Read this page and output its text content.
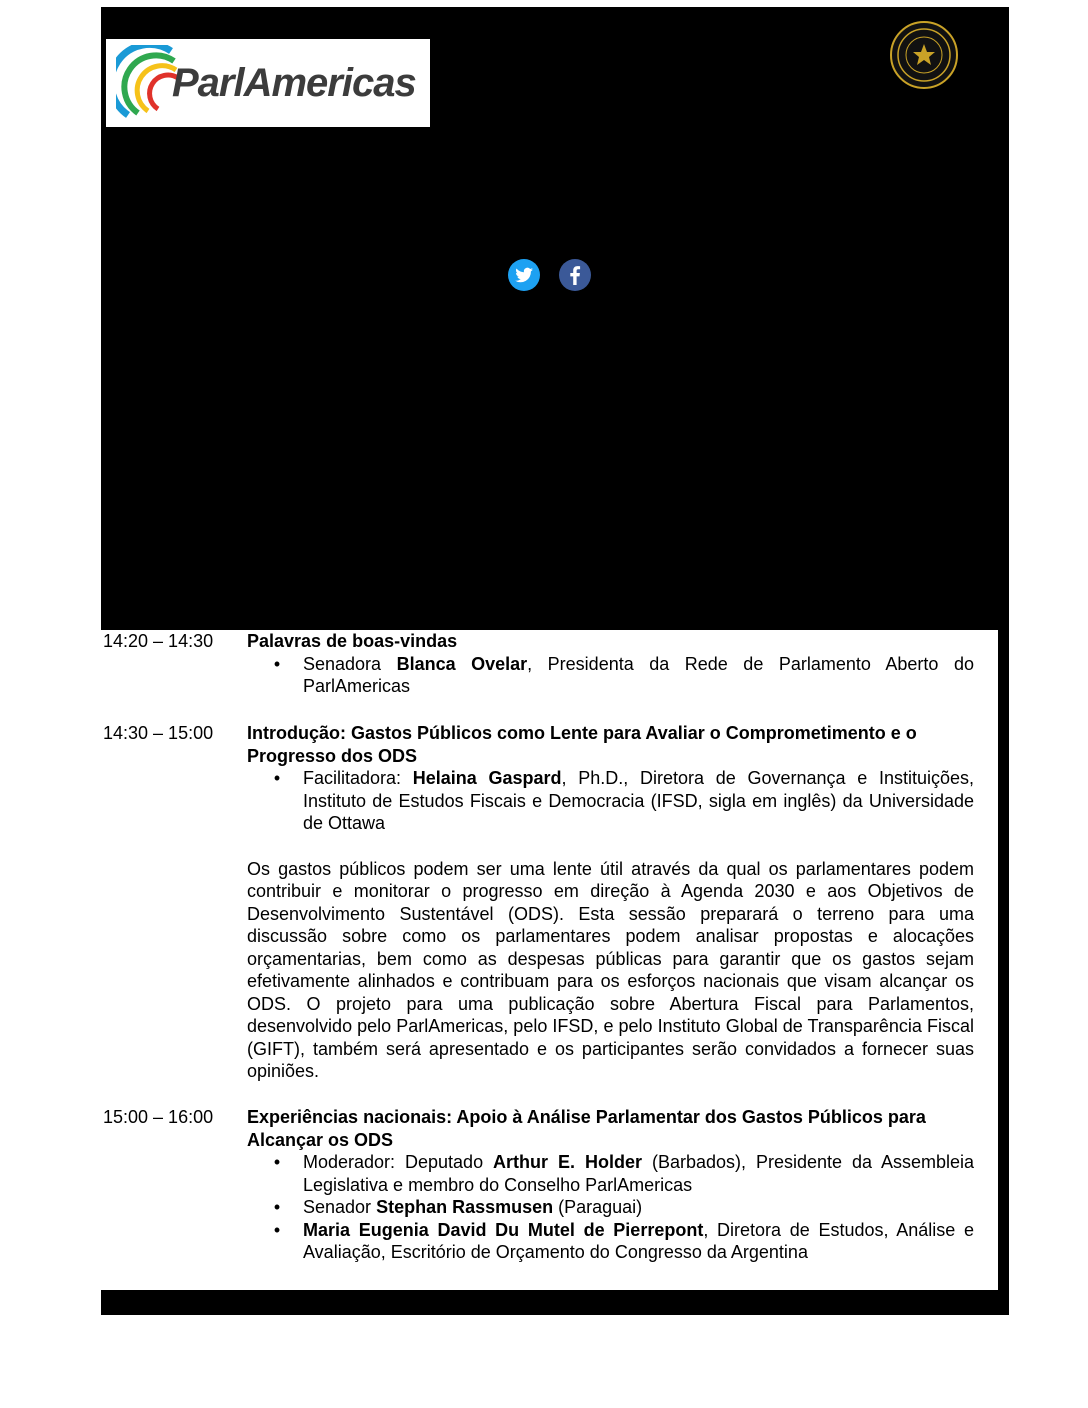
ParlAmericas
14:20 – 14:30	Palavras de boas-vindas
• Senadora Blanca Ovelar, Presidenta da Rede de Parlamento Aberto do ParlAmericas
14:30 – 15:00	Introdução: Gastos Públicos como Lente para Avaliar o Comprometimento e o Progresso dos ODS
• Facilitadora: Helaina Gaspard, Ph.D., Diretora de Governança e Instituições, Instituto de Estudos Fiscais e Democracia (IFSD, sigla em inglês) da Universidade de Ottawa

Os gastos públicos podem ser uma lente útil através da qual os parlamentares podem contribuir e monitorar o progresso em direção à Agenda 2030 e aos Objetivos de Desenvolvimento Sustentável (ODS). Esta sessão preparará o terreno para uma discussão sobre como os parlamentares podem analisar propostas e alocações orçamentarias, bem como as despesas públicas para garantir que os gastos sejam efetivamente alinhados e contribuam para os esforços nacionais que visam alcançar os ODS. O projeto para uma publicação sobre Abertura Fiscal para Parlamentos, desenvolvido pelo ParlAmericas, pelo IFSD, e pelo Instituto Global de Transparência Fiscal (GIFT), também será apresentado e os participantes serão convidados a fornecer suas opiniões.

15:00 – 16:00	Experiências nacionais: Apoio à Análise Parlamentar dos Gastos Públicos para Alcançar os ODS
• Moderador: Deputado Arthur E. Holder (Barbados), Presidente da Assembleia Legislativa e membro do Conselho ParlAmericas
• Senador Stephan Rassmusen (Paraguai)
• Maria Eugenia David Du Mutel de Pierrepont, Diretora de Estudos, Análise e Avaliação, Escritório de Orçamento do Congresso da Argentina
